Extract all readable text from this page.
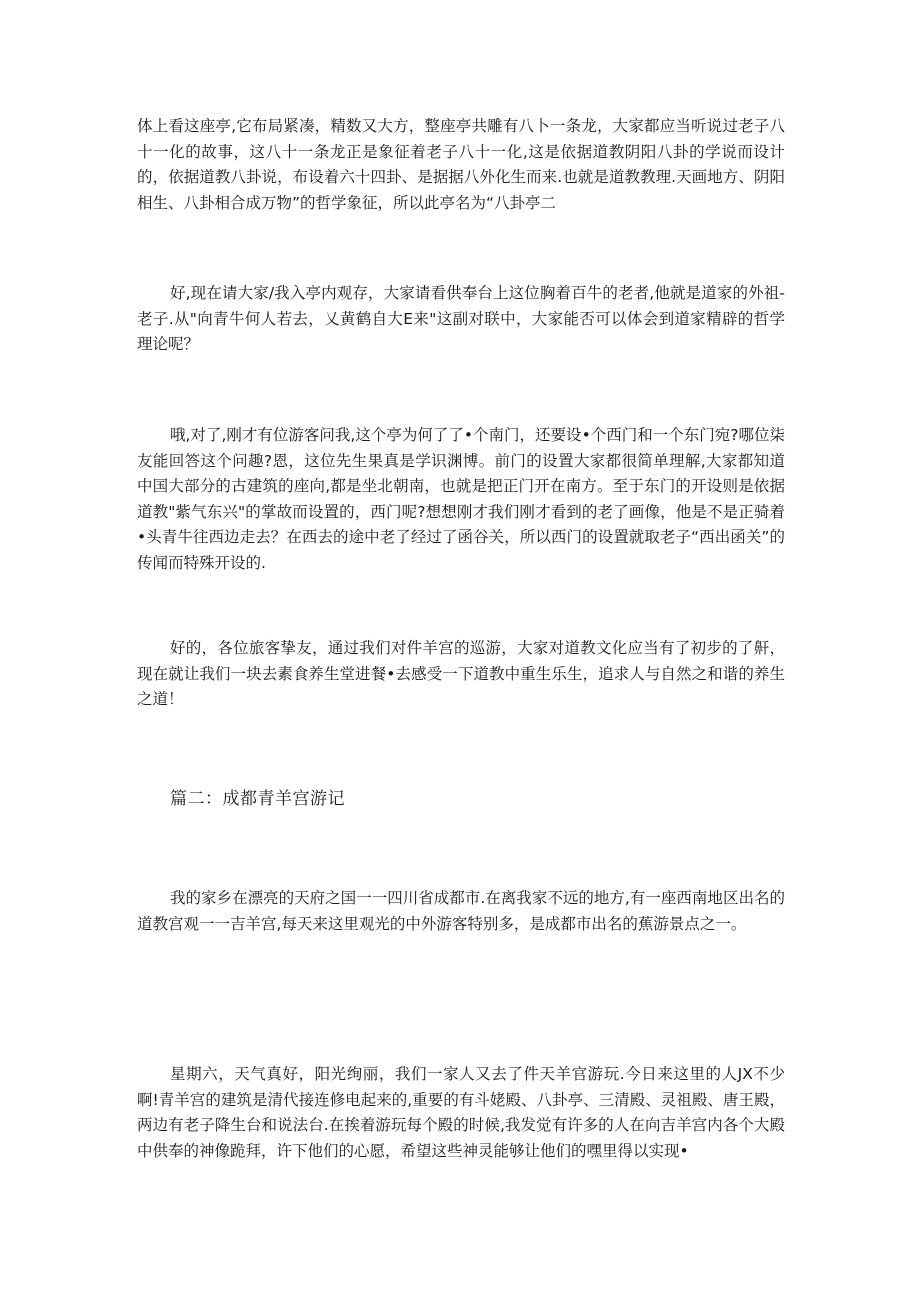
体上看这座亭,它布局紧凑，精数又大方，整座亭共雕有八卜一条龙，大家都应当听说过老子八十一化的故事，这八十一条龙正是象征着老子八十一化,这是依据道教阴阳八卦的学说而设计的，依据道教八卦说，布设着六十四卦、是据据八外化生而来.也就是道教教理.天画地方、阴阳相生、八卦相合成万物”的哲学象征，所以此亭名为“八卦亭二

好,现在请大家/我入亭内观存，大家请看供奉台上这位胸着百牛的老者,他就是道家的外祖-老子.从"向青牛何人若去，乂黄鹤自大E来"这副对联中，大家能否可以体会到道家精辟的哲学理论呢？

哦,对了,刚才有位游客问我,这个亭为何了了•个南门，还要设•个西门和一个东门宛?哪位柒友能回答这个问趣?恩，这位先生果真是学识渊博。前门的设置大家都很简单理解,大家都知道中国大部分的古建筑的座向,都是坐北朝南，也就是把正门开在南方。至于东门的开设则是依据道教"紫气东兴"的掌故而设置的，西门呢?想想刚才我们刚才看到的老了画像，他是不是正骑着•头青牛往西边走去？在西去的途中老了经过了函谷关，所以西门的设置就取老子“西出函关”的传闻而特殊开设的.

好的，各位旅客挚友，通过我们对件羊宫的巡游，大家对道教文化应当有了初步的了鼾，现在就让我们一块去素食养生堂进餐•去感受一下道教中重生乐生，追求人与自然之和谐的养生之道！

篇二：成都青羊宫游记

我的家乡在漂亮的天府之国一一四川省成都市.在离我家不远的地方,有一座西南地区出名的道教宫观一一吉羊宫,每天来这里观光的中外游客特别多，是成都市出名的蕉游景点之一。

星期六，天气真好，阳光绚丽，我们一家人又去了件天羊官游玩.今日来这里的人JX不少啊!青羊宫的建筑是清代接连修电起来的,重要的有斗姥殿、八卦亭、三清殿、灵祖殿、唐王殿，两边有老子降生台和说法台.在挨着游玩每个殿的时候,我发觉有许多的人在向吉羊宫内各个大殿中供奉的神像跪拜，许下他们的心愿，希望这些神灵能够让他们的嘿里得以实现•
